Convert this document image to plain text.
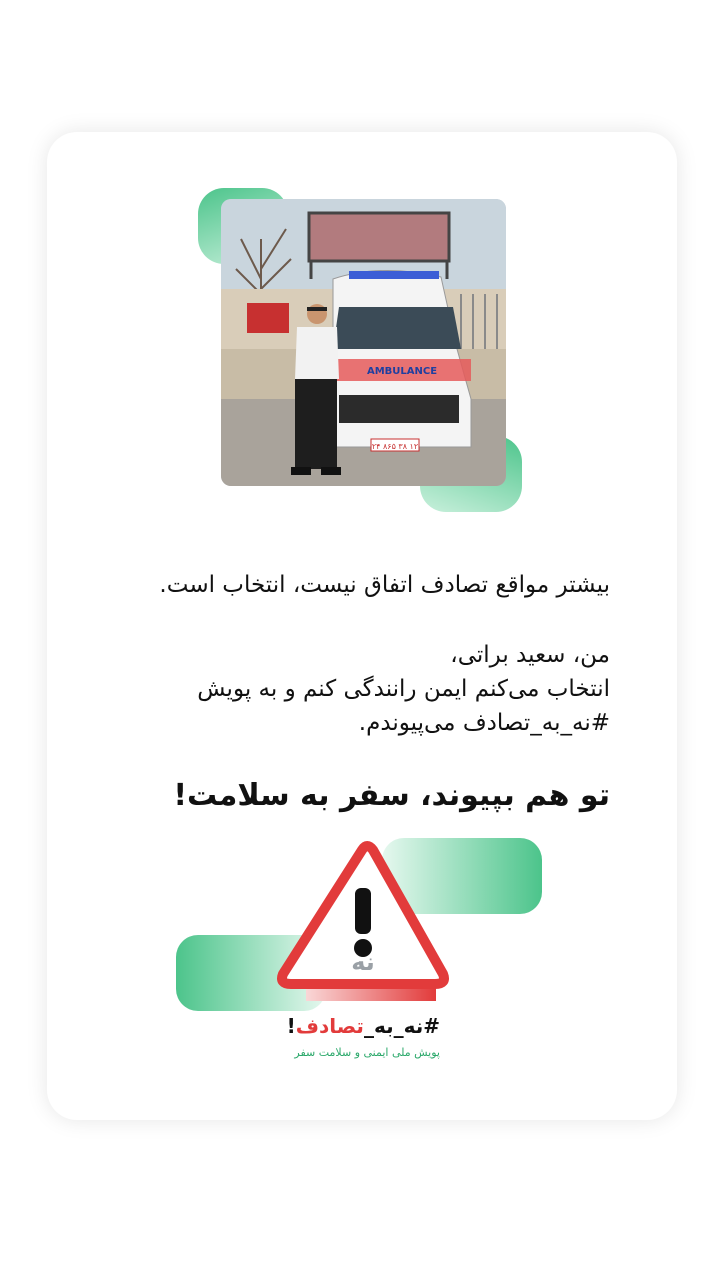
AMBULANCE
۲۴ ۸۶۵ ۳۸ ۱۲
بیشتر مواقع تصادف اتفاق نیست، انتخاب است.
من، سعید براتی،
انتخاب می‌کنم ایمن رانندگی کنم و به پویش
#نه_به_تصادف می‌پیوندم.
تو هم بپیوند، سفر به سلامت!
نه
#نه_به_تصادف!
پویش ملی ایمنی و سلامت سفر
